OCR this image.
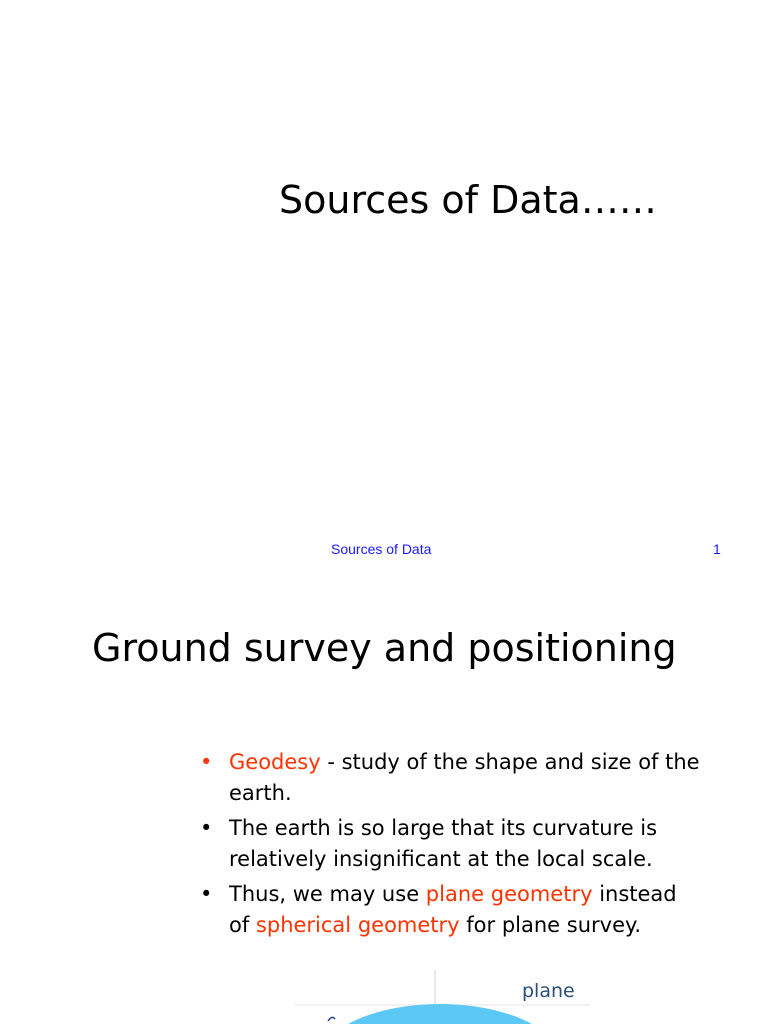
Sources of Data……
Sources of Data	1
Ground survey and positioning
• Geodesy - study of the shape and size of the earth.
• The earth is so large that its curvature is relatively insignificant at the local scale.
• Thus, we may use plane geometry instead of spherical geometry for plane survey.
plane
